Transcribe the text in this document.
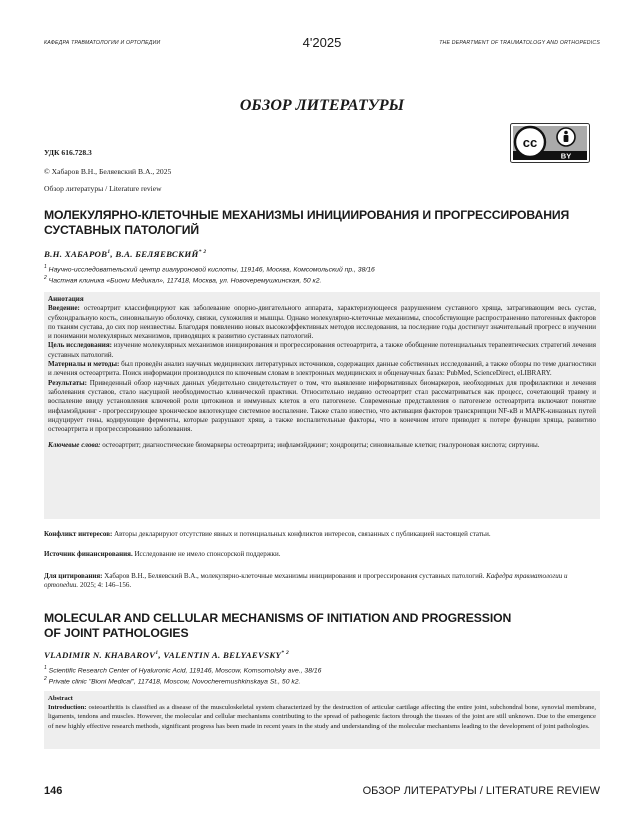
КАФЕДРА ТРАВМАТОЛОГИИ И ОРТОПЕДИИ	4'2025	THE DEPARTMENT OF TRAUMATOLOGY AND ORTHOPEDICS
ОБЗОР ЛИТЕРАТУРЫ
cc
BY
УДК 616.728.3
© Хабаров В.Н., Беляевский В.А., 2025
Обзор литературы / Literature review
МОЛЕКУЛЯРНО-КЛЕТОЧНЫЕ МЕХАНИЗМЫ ИНИЦИИРОВАНИЯ И ПРОГРЕССИРОВАНИЯ
СУСТАВНЫХ ПАТОЛОГИЙ
В.Н. ХАБАРОВ$^1$, В.А. БЕЛЯЕВСКИЙ$^{* 2}$
$^1$ Научно-исследовательский центр гиалуроновой кислоты, 119146, Москва, Комсомольский пр., 38/16
$^2$ Частная клиника «Биони Медикал», 117418, Москва, ул. Новочеремушкинская, 50 к2.

Аннотация

Введение: остеоартрит классифицируют как заболевание опорно-двигательного аппарата, характеризующееся разрушением суставного хряща, затрагивающим весь сустав, субхондральную кость, синовиальную оболочку, связки, сухожилия и мышцы. Однако молекулярно-клеточные механизмы, способствующие распространению патогенных факторов по тканям сустава, до сих пор неизвестны. Благодаря появлению новых высокоэффективных методов исследования, за последние годы достигнут значительный прогресс в изучении и понимании молекулярных механизмов, приводящих к развитию суставных патологий.

Цель исследования: изучение молекулярных механизмов инициирования и прогрессирования остеоартрита, а также обобщение потенциальных терапевтических стратегий лечения суставных патологий.

Материалы и методы: был проведён анализ научных медицинских литературных источников, содержащих данные собственных исследований, а также обзоры по теме диагностики и лечения остеоартрита. Поиск информации производился по ключевым словам в электронных медицинских и общенаучных базах: PubMed, ScienceDirect, eLIBRARY.

Результаты: Приведенный обзор научных данных убедительно свидетельствует о том, что выявление информативных биомаркеров, необходимых для профилактики и лечения заболевания суставов, стало насущной необходимостью клинической практики. Относительно недавно остеоартрит стал рассматриваться как процесс, сочетающий травму и воспаление ввиду установления ключевой роли цитокинов и иммунных клеток в его патогенезе. Современные представления о патогенезе остеоартрита включают понятие инфламэйджинг - прогрессирующее хроническое вялотекущее системное воспаление. Также стало известно, что активация факторов транскрипции NF-кB и MAPK-киназных путей индуцирует гены, кодирующие ферменты, которые разрушают хрящ, а также воспалительные факторы, что в конечном итоге приводит к потере функции хряща, развитию остеоартрита и прогрессированию заболевания.

Ключевые слова: остеоартрит; диагностические биомаркеры остеоартрита; инфламэйджинг; хондроциты; синовиальные клетки; гиалуроновая кислота; сиртуины.

Конфликт интересов: Авторы декларируют отсутствие явных и потенциальных конфликтов интересов, связанных с публикацией настоящей статьи.
Источник финансирования. Исследование не имело спонсорской поддержки.
Для цитирования: Хабаров В.Н., Беляевский В.А., молекулярно-клеточные механизмы инициирования и прогрессирования суставных патологий. Кафедра травматологии и ортопедии. 2025; 4: 146–156.
MOLECULAR AND CELLULAR MECHANISMS OF INITIATION AND PROGRESSION
OF JOINT PATHOLOGIES
VLADIMIR N. KHABAROV$^1$, VALENTIN A. BELYAEVSKY$^{* 2}$
$^1$ Scientific Research Center of Hyaluronic Acid, 119146, Moscow, Komsomolsky ave., 38/16
$^2$ Private clinic "Bioni Medical", 117418, Moscow, Novocheremushkinskaya St., 50 k2.

Abstract

Introduction: osteoarthritis is classified as a disease of the musculoskeletal system characterized by the destruction of articular cartilage affecting the entire joint, subchondral bone, synovial membrane, ligaments, tendons and muscles. However, the molecular and cellular mechanisms contributing to the spread of pathogenic factors through the tissues of the joint are still unknown. Due to the emergence of new highly effective research methods, significant progress has been made in recent years in the study and understanding of the molecular mechanisms leading to the development of joint pathologies.

146	ОБЗОР ЛИТЕРАТУРЫ / LITERATURE REVIEW
